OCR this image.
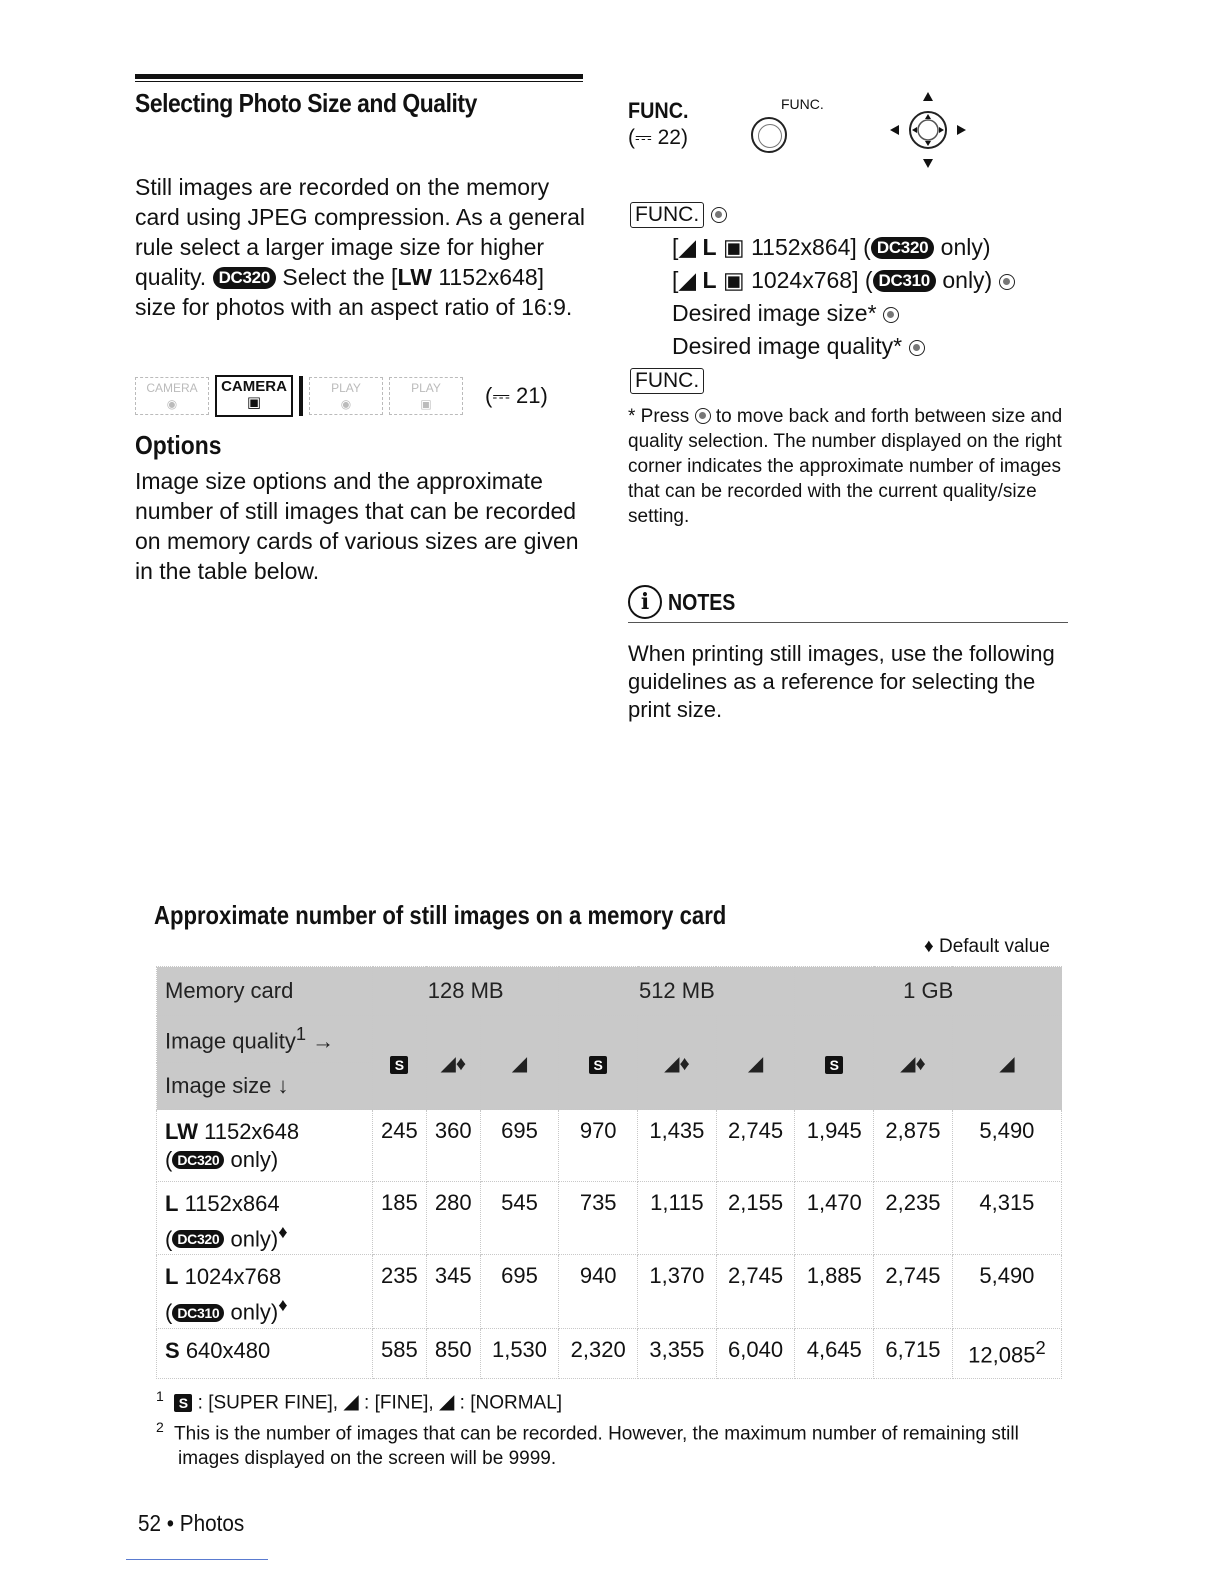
Selecting Photo Size and Quality
Still images are recorded on the memory card using JPEG compression. As a general rule select a larger image size for higher quality. DC320 Select the [LW 1152x648] size for photos with an aspect ratio of 16:9.
CAMERA
◉
CAMERA
▣
PLAY
◉
PLAY
▣	(⎓ 21)
Options
Image size options and the approximate number of still images that can be recorded on memory cards of various sizes are given in the table below.
FUNC.
(⎓ 22)
FUNC.
FUNC.
[◢ L ▣ 1152x864] ( DC320 only)
[◢ L ▣ 1024x768] ( DC310 only)
Desired image size*
Desired image quality*
FUNC.
* Press to move back and forth between size and quality selection. The number displayed on the right corner indicates the approximate number of images that can be recorded with the current quality/size setting.
i NOTES
When printing still images, use the following guidelines as a reference for selecting the print size.
Approximate number of still images on a memory card
♦ Default value
Memory card	128 MB			512 MB			1 GB		
Image quality$^1$ →	S	◢♦	◢	S	◢♦	◢	S	◢♦	◢
Image size ↓									
LW 1152x648
( DC320 only)	245	360	695	970	1,435	2,745	1,945	2,875	5,490
L 1152x864
( DC320 only)♦	185	280	545	735	1,115	2,155	1,470	2,235	4,315
L 1024x768
( DC310 only)♦	235	345	695	940	1,370	2,745	1,885	2,745	5,490
S 640x480	585	850	1,530	2,320	3,355	6,040	4,645	6,715	12,085$^2$
$^1$ S : [SUPER FINE], ◢ : [FINE], ◢ : [NORMAL]
$^2$ This is the number of images that can be recorded. However, the maximum number of remaining still images displayed on the screen will be 9999.
52 • Photos
